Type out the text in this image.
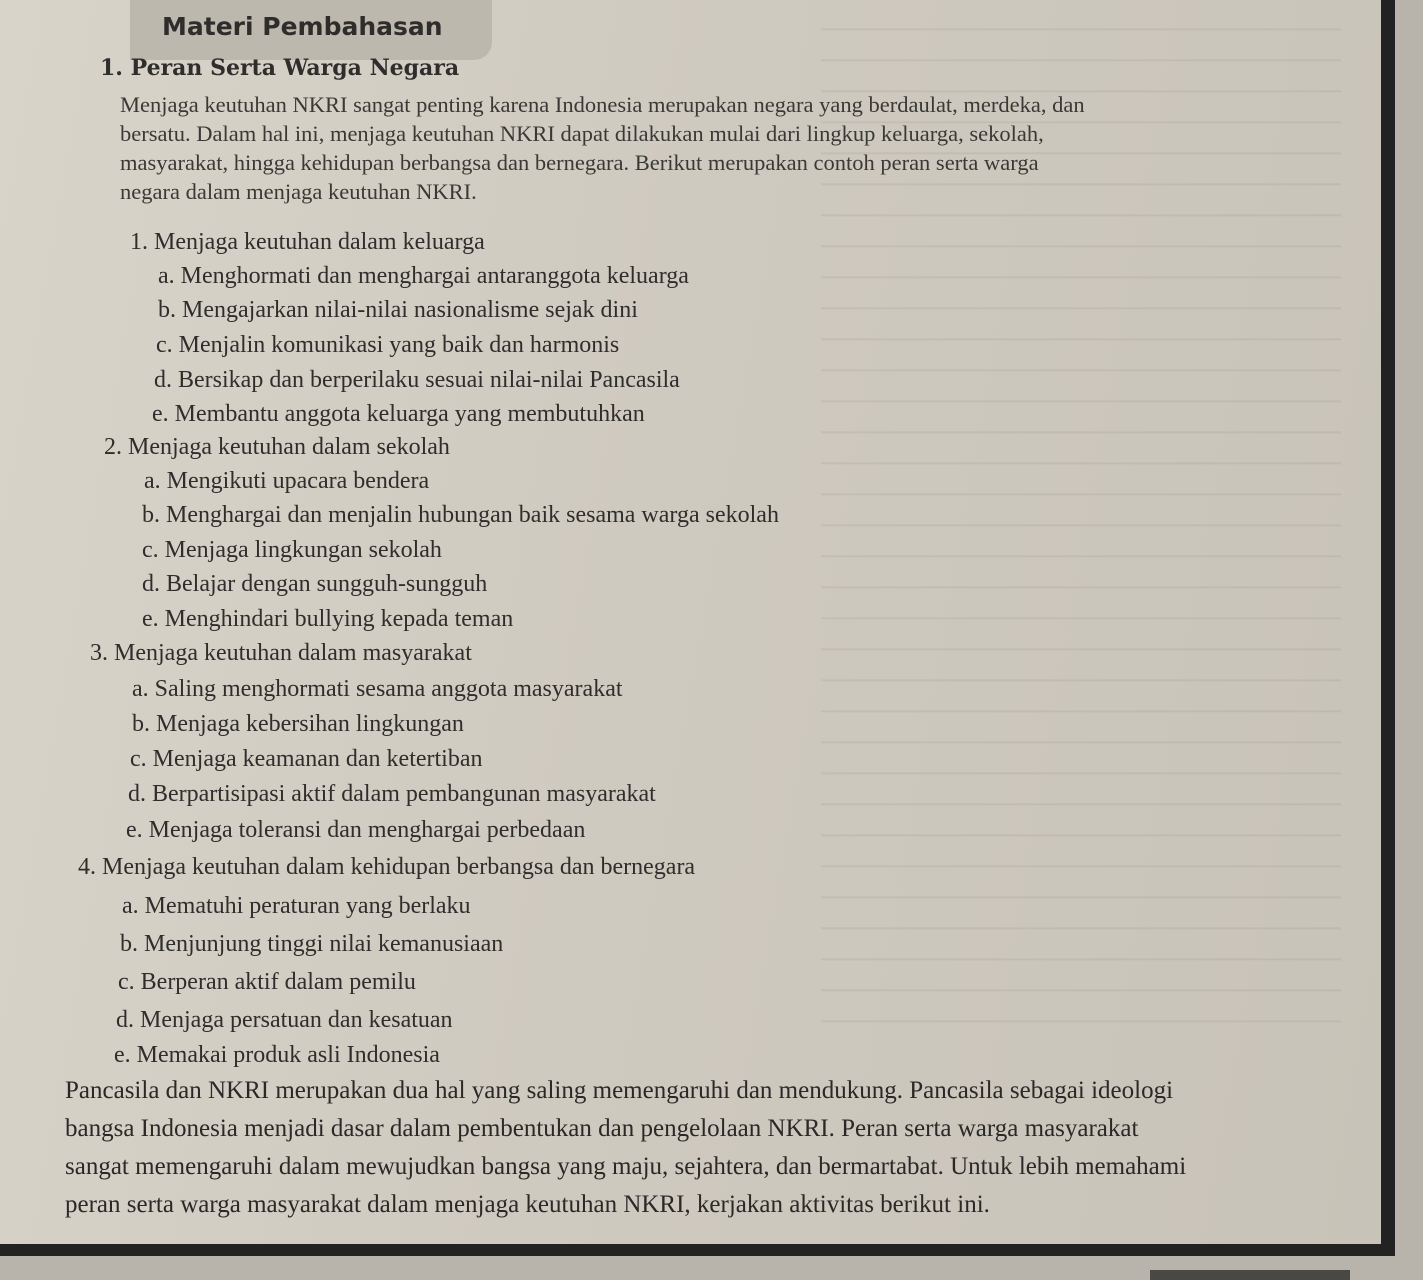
Materi Pembahasan
1. Peran Serta Warga Negara
Menjaga keutuhan NKRI sangat penting karena Indonesia merupakan negara yang berdaulat, merdeka, dan
bersatu. Dalam hal ini, menjaga keutuhan NKRI dapat dilakukan mulai dari lingkup keluarga, sekolah,
masyarakat, hingga kehidupan berbangsa dan bernegara. Berikut merupakan contoh peran serta warga
negara dalam menjaga keutuhan NKRI.
1. Menjaga keutuhan dalam keluarga
a. Menghormati dan menghargai antaranggota keluarga
b. Mengajarkan nilai-nilai nasionalisme sejak dini
c. Menjalin komunikasi yang baik dan harmonis
d. Bersikap dan berperilaku sesuai nilai-nilai Pancasila
e. Membantu anggota keluarga yang membutuhkan
2. Menjaga keutuhan dalam sekolah
a. Mengikuti upacara bendera
b. Menghargai dan menjalin hubungan baik sesama warga sekolah
c. Menjaga lingkungan sekolah
d. Belajar dengan sungguh-sungguh
e. Menghindari bullying kepada teman
3. Menjaga keutuhan dalam masyarakat
a. Saling menghormati sesama anggota masyarakat
b. Menjaga kebersihan lingkungan
c. Menjaga keamanan dan ketertiban
d. Berpartisipasi aktif dalam pembangunan masyarakat
e. Menjaga toleransi dan menghargai perbedaan
4. Menjaga keutuhan dalam kehidupan berbangsa dan bernegara
a. Mematuhi peraturan yang berlaku
b. Menjunjung tinggi nilai kemanusiaan
c. Berperan aktif dalam pemilu
d. Menjaga persatuan dan kesatuan
e. Memakai produk asli Indonesia
Pancasila dan NKRI merupakan dua hal yang saling memengaruhi dan mendukung. Pancasila sebagai ideologi
bangsa Indonesia menjadi dasar dalam pembentukan dan pengelolaan NKRI. Peran serta warga masyarakat
sangat memengaruhi dalam mewujudkan bangsa yang maju, sejahtera, dan bermartabat. Untuk lebih memahami
peran serta warga masyarakat dalam menjaga keutuhan NKRI, kerjakan aktivitas berikut ini.
